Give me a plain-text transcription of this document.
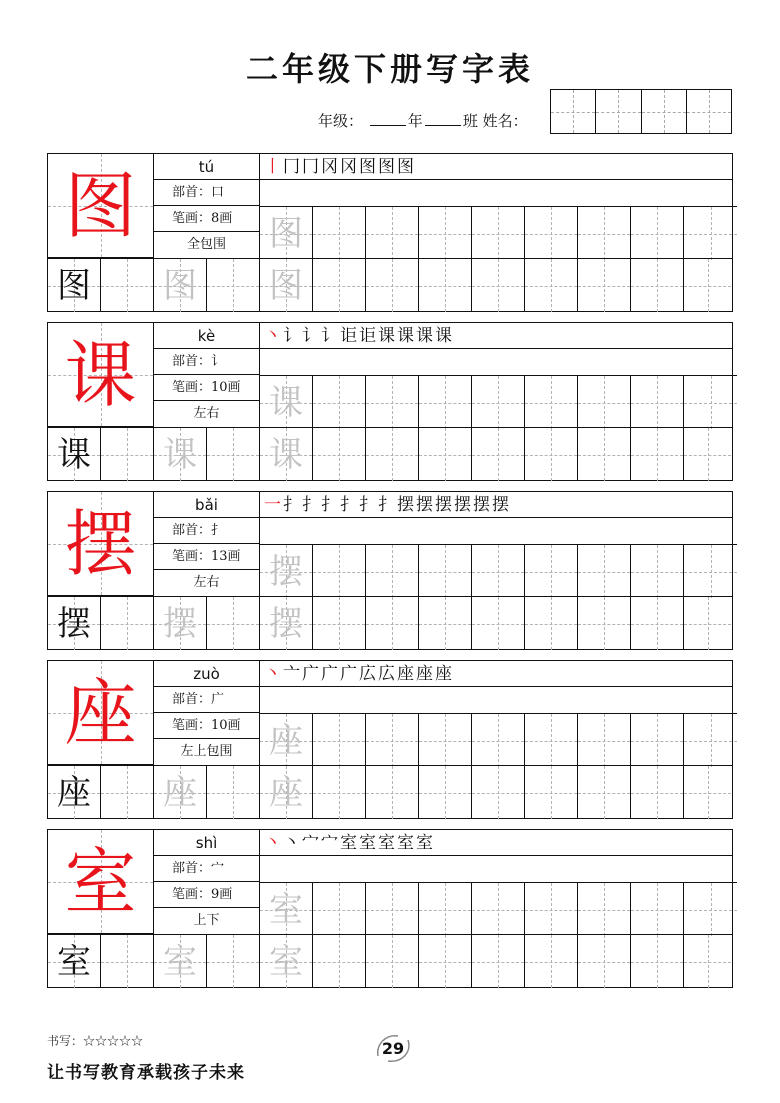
二年级下册写字表
年级：	年	班 姓名：
图	tú
部首：口
笔画：8画
全包围
丨冂冂冈冈图图图
图
图 图 图
课	kè
部首：讠
笔画：10画
左右
丶讠讠讠讵讵课课课课
课
课 课 课
摆	bǎi
部首：扌
笔画：13画
左右
一扌扌扌扌扌扌摆摆摆摆摆摆
摆
摆 摆 摆
座	zuò
部首：广
笔画：10画
左上包围
丶亠广广广広広座座座
座
座 座 座
室	shì
部首：宀
笔画：9画
上下
丶丶宀宀室室室室室
室
室 室 室
书写：☆☆☆☆☆	29
让书写教育承载孩子未来
